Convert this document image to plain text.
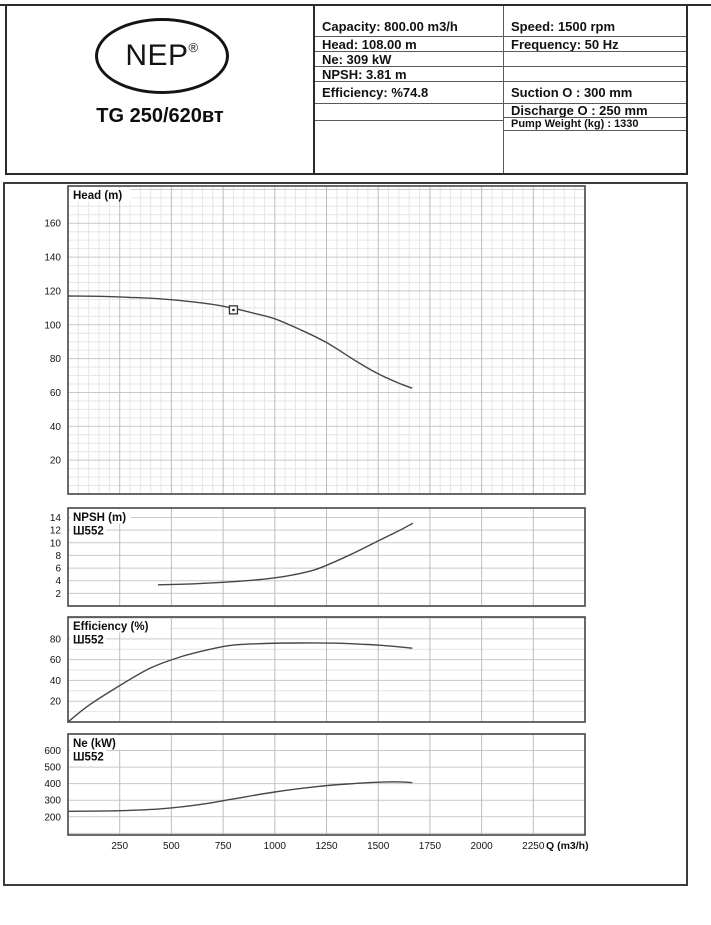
NEP®
TG 250/620вт
Capacity: 800.00 m3/h
Head: 108.00 m
Ne: 309 kW
NPSH: 3.81 m
Efficiency: %74.8
Speed: 1500 rpm
Frequency: 50 Hz
Suction O : 300 mm
Discharge O : 250 mm
Pump Weight (kg) : 1330
20
40
60
80
100
120
140
160
Head (m)
2
4
6
8
10
12
14 NPSH (m)
Ш552
20
40
60
80
Efficiency (%)
Ш552
200
300
400
500
600
Ne (kW)
Ш552
250	500	750	1000	1250	1500	1750	2000	2250 Q (m3/h)
